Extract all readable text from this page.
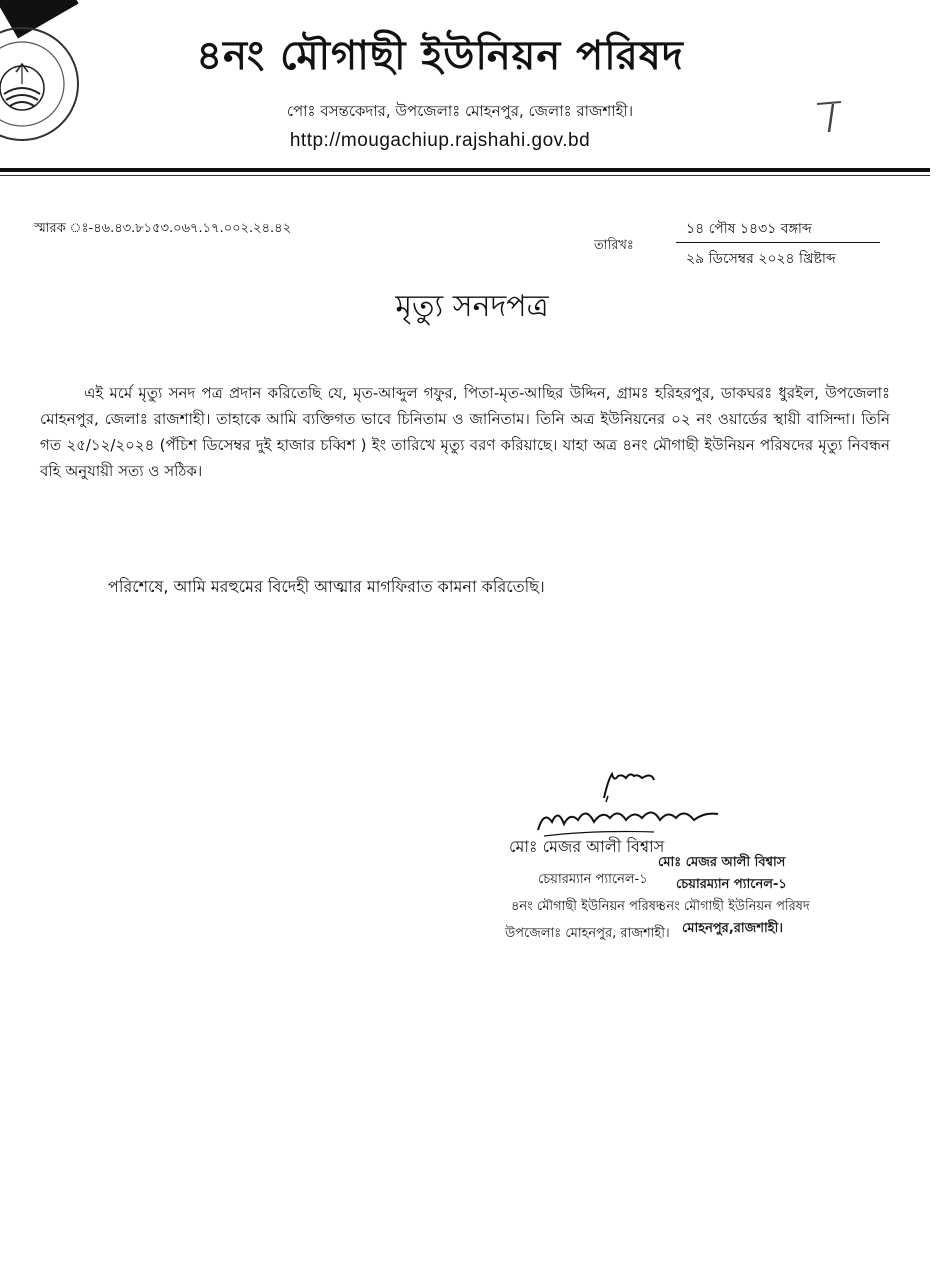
৪নং মৌগাছী ইউনিয়ন পরিষদ
পোঃ বসন্তকেদার, উপজেলাঃ মোহনপুর, জেলাঃ রাজশাহী।
http://mougachiup.rajshahi.gov.bd
স্মারক ঃ-৪৬.৪৩.৮১৫৩.০৬৭.১৭.০০২.২৪.৪২
তারিখঃ
১৪ পৌষ ১৪৩১ বঙ্গাব্দ
২৯ ডিসেম্বর ২০২৪ খ্রিষ্টাব্দ
মৃত্যু সনদপত্র
এই মর্মে মৃত্যু সনদ পত্র প্রদান করিতেছি যে, মৃত-আব্দুল গফুর, পিতা-মৃত-আছির উদ্দিন, গ্রামঃ হরিহরপুর, ডাকঘরঃ ধুরইল, উপজেলাঃ মোহনপুর, জেলাঃ রাজশাহী। তাহাকে আমি ব্যক্তিগত ভাবে চিনিতাম ও জানিতাম। তিনি অত্র ইউনিয়নের ০২ নং ওয়ার্ডের স্থায়ী বাসিন্দা। তিনি গত ২৫/১২/২০২৪ (পঁচিশ ডিসেম্বর দুই হাজার চব্বিশ ) ইং তারিখে মৃত্যু বরণ করিয়াছে। যাহা অত্র ৪নং মৌগাছী ইউনিয়ন পরিষদের মৃত্যু নিবন্ধন বহি অনুযায়ী সত্য ও সঠিক।
পরিশেষে, আমি মরহুমের বিদেহী আত্মার মাগফিরাত কামনা করিতেছি।
মোঃ মেজর আলী বিশ্বাস
চেয়ারম্যান প্যানেল-১
৪নং মৌগাছী ইউনিয়ন পরিষদ
উপজেলাঃ মোহনপুর, রাজশাহী।
মোঃ মেজর আলী বিশ্বাস
চেয়ারম্যান প্যানেল-১
৪নং মৌগাছী ইউনিয়ন পরিষদ
মোহনপুর,রাজশাহী।
